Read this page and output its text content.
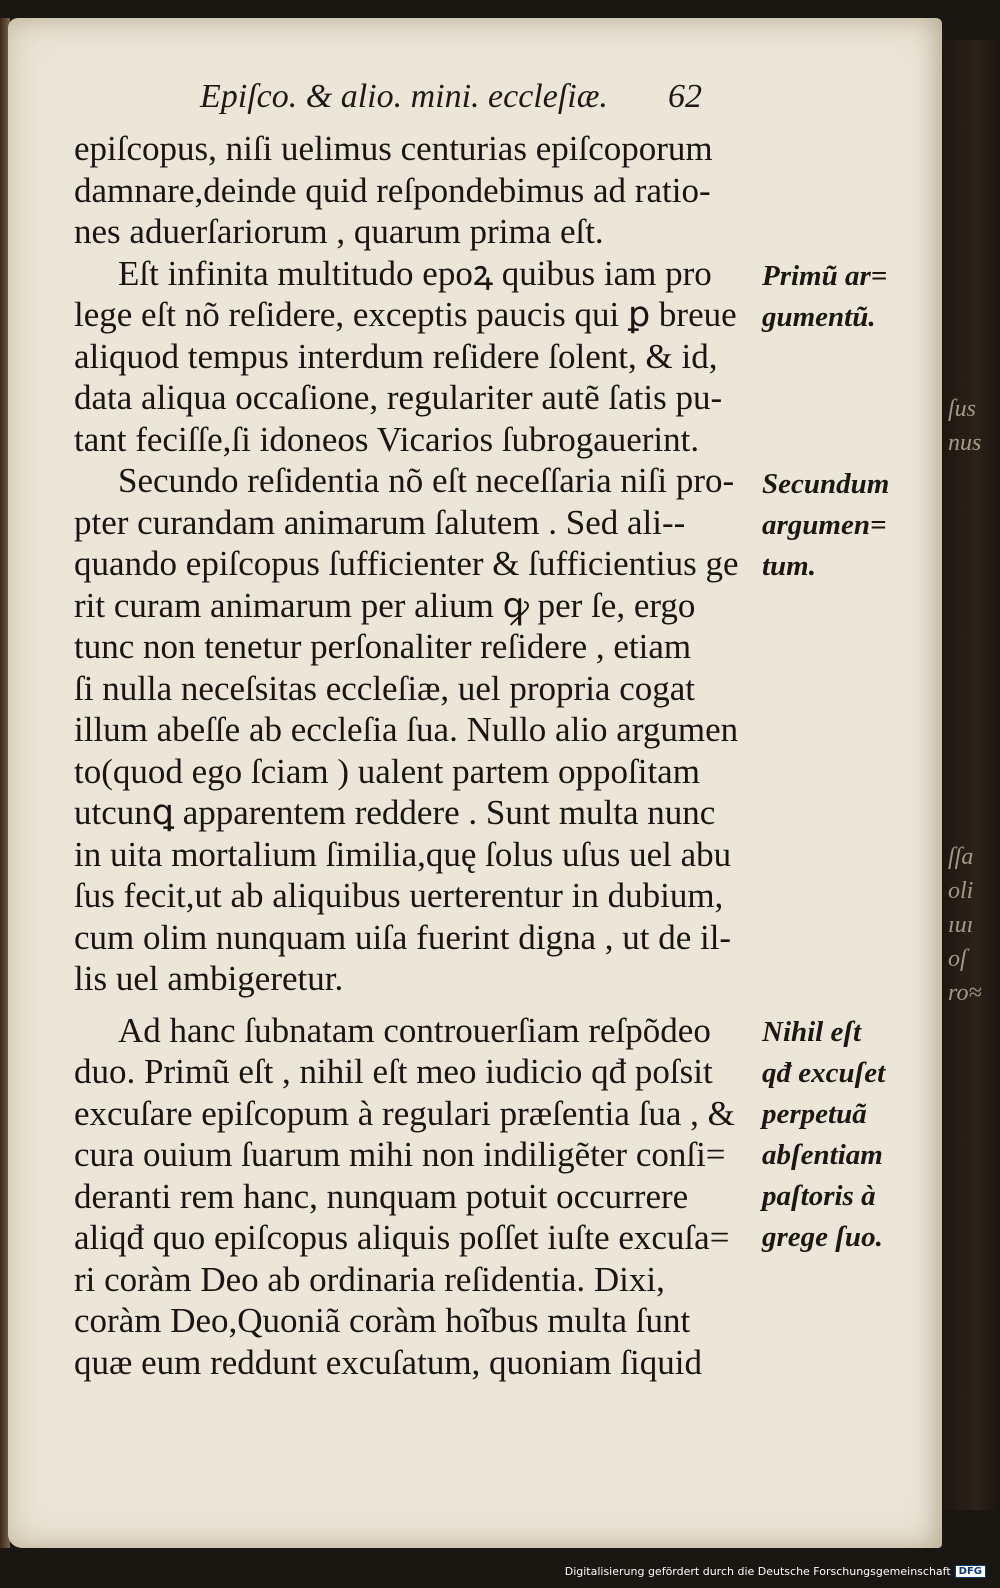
ſus
nus
ſſa
oli
ıuı
oſ
ro≈
Epiſco. & alio. mini. eccleſiæ. 62
epiſcopus, niſi uelimus centurias epiſcoporum
damnare,deinde quid reſpondebimus ad ratio-
nes aduerſariorum , quarum prima eſt.
Eſt infinita multitudo epoꝝ quibus iam pro
lege eſt nõ reſidere, exceptis paucis qui ꝑ breue
aliquod tempus interdum reſidere ſolent, & id,
data aliqua occaſione, regulariter autẽ ſatis pu-
tant feciſſe,ſi idoneos Vicarios ſubrogauerint.
Secundo reſidentia nõ eſt neceſſaria niſi pro-
pter curandam animarum ſalutem . Sed ali--
quando epiſcopus ſufficienter & ſufficientius ge
rit curam animarum per alium ꝙ per ſe, ergo
tunc non tenetur perſonaliter reſidere , etiam
ſi nulla neceſsitas eccleſiæ, uel propria cogat
illum abeſſe ab eccleſia ſua. Nullo alio argumen
to(quod ego ſciam ) ualent partem oppoſitam
utcunꝗ apparentem reddere . Sunt multa nunc
in uita mortalium ſimilia,quę ſolus uſus uel abu
ſus fecit,ut ab aliquibus uerterentur in dubium,
cum olim nunquam uiſa fuerint digna , ut de il-
lis uel ambigeretur.
Ad hanc ſubnatam controuerſiam reſpõdeo
duo. Primũ eſt , nihil eſt meo iudicio qđ poſsit
excuſare epiſcopum à regulari præſentia ſua , &
cura ouium ſuarum mihi non indiligẽter conſi=
deranti rem hanc, nunquam potuit occurrere
aliqđ quo epiſcopus aliquis poſſet iuſte excuſa=
ri coràm Deo ab ordinaria reſidentia. Dixi,
coràm Deo,Quoniã coràm hoĩbus multa ſunt
quæ eum reddunt excuſatum, quoniam ſiquid
Primũ ar=
gumentũ.
Secundum
argumen=
tum.
Nihil eſt
qđ excuſet
perpetuã
abſentiam
paſtoris à
grege ſuo.
Digitalisierung gefördert durch die Deutsche Forschungsgemeinschaft DFG
